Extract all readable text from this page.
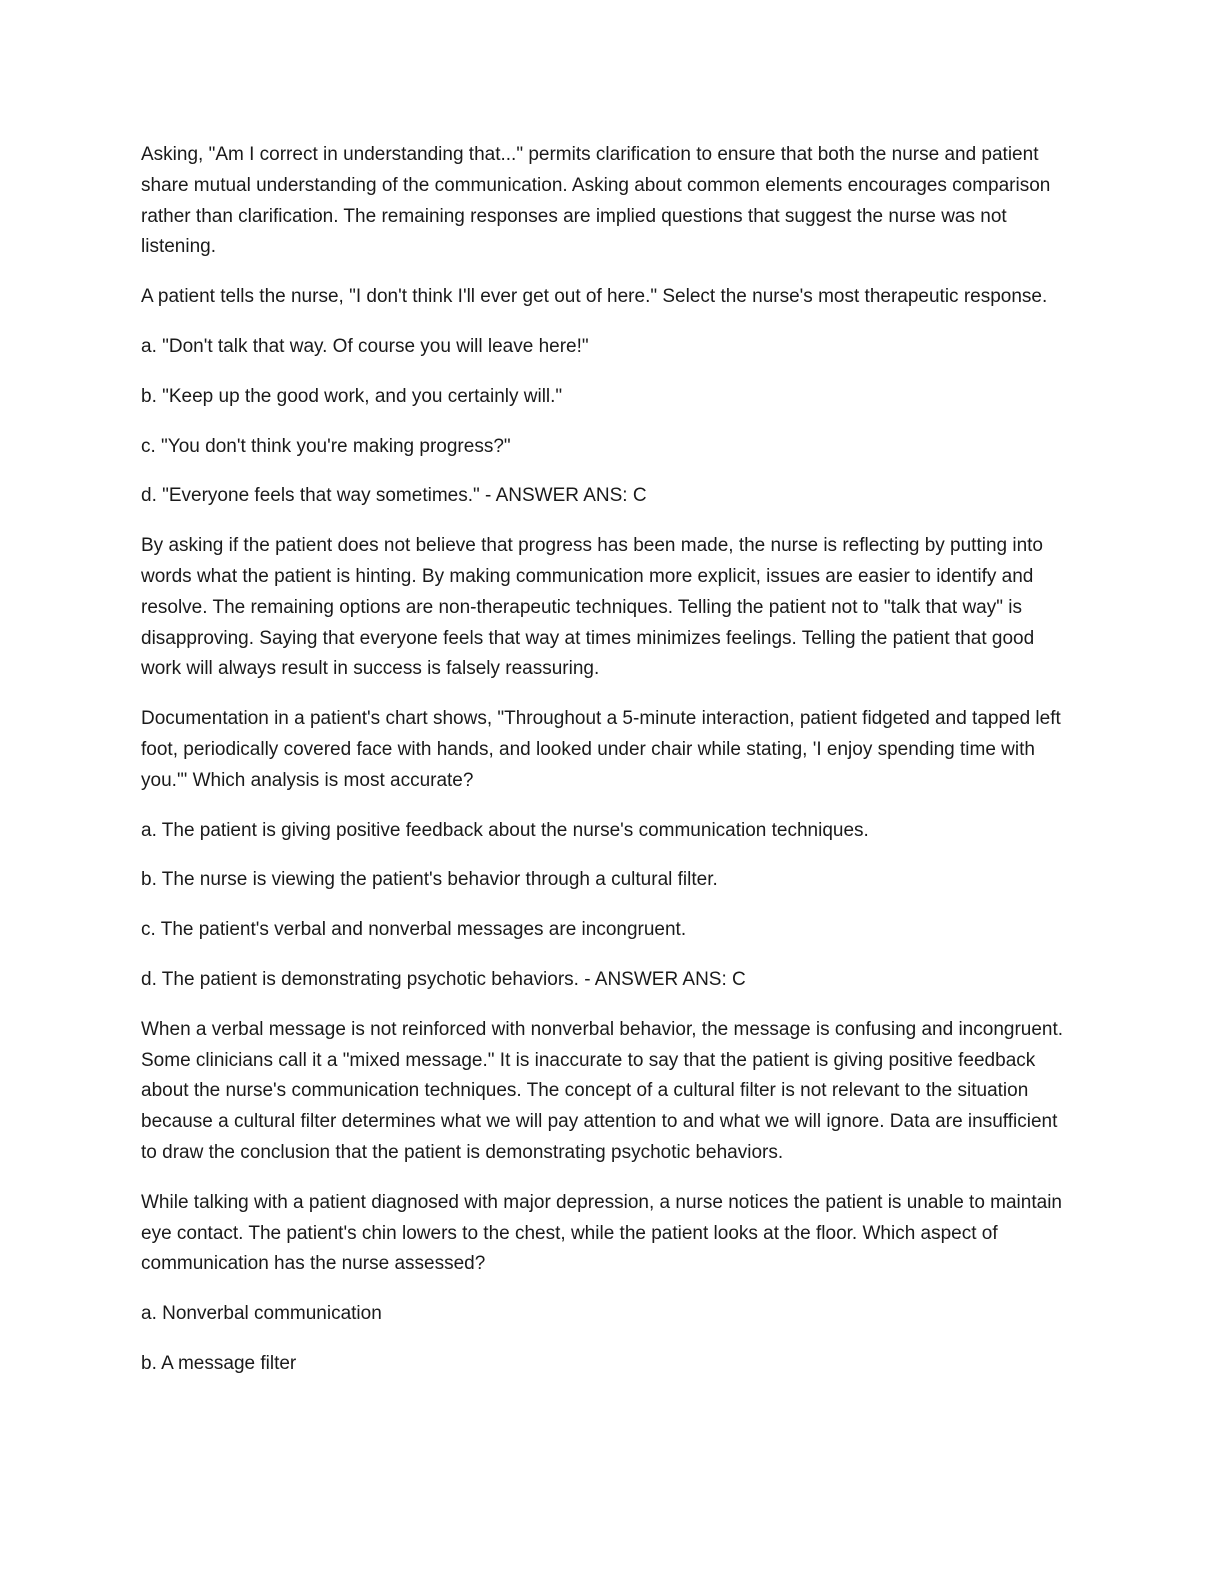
Asking, "Am I correct in understanding that..." permits clarification to ensure that both the nurse and patient share mutual understanding of the communication. Asking about common elements encourages comparison rather than clarification. The remaining responses are implied questions that suggest the nurse was not listening.

A patient tells the nurse, "I don't think I'll ever get out of here." Select the nurse's most therapeutic response.

a. "Don't talk that way. Of course you will leave here!"

b. "Keep up the good work, and you certainly will."

c. "You don't think you're making progress?"

d. "Everyone feels that way sometimes." - ANSWER ANS: C

By asking if the patient does not believe that progress has been made, the nurse is reflecting by putting into words what the patient is hinting. By making communication more explicit, issues are easier to identify and resolve. The remaining options are non-therapeutic techniques. Telling the patient not to "talk that way" is disapproving. Saying that everyone feels that way at times minimizes feelings. Telling the patient that good work will always result in success is falsely reassuring.

Documentation in a patient's chart shows, "Throughout a 5-minute interaction, patient fidgeted and tapped left foot, periodically covered face with hands, and looked under chair while stating, 'I enjoy spending time with you.'" Which analysis is most accurate?

a. The patient is giving positive feedback about the nurse's communication techniques.

b. The nurse is viewing the patient's behavior through a cultural filter.

c. The patient's verbal and nonverbal messages are incongruent.

d. The patient is demonstrating psychotic behaviors. - ANSWER ANS: C

When a verbal message is not reinforced with nonverbal behavior, the message is confusing and incongruent. Some clinicians call it a "mixed message." It is inaccurate to say that the patient is giving positive feedback about the nurse's communication techniques. The concept of a cultural filter is not relevant to the situation because a cultural filter determines what we will pay attention to and what we will ignore. Data are insufficient to draw the conclusion that the patient is demonstrating psychotic behaviors.

While talking with a patient diagnosed with major depression, a nurse notices the patient is unable to maintain eye contact. The patient's chin lowers to the chest, while the patient looks at the floor. Which aspect of communication has the nurse assessed?

a. Nonverbal communication

b. A message filter
